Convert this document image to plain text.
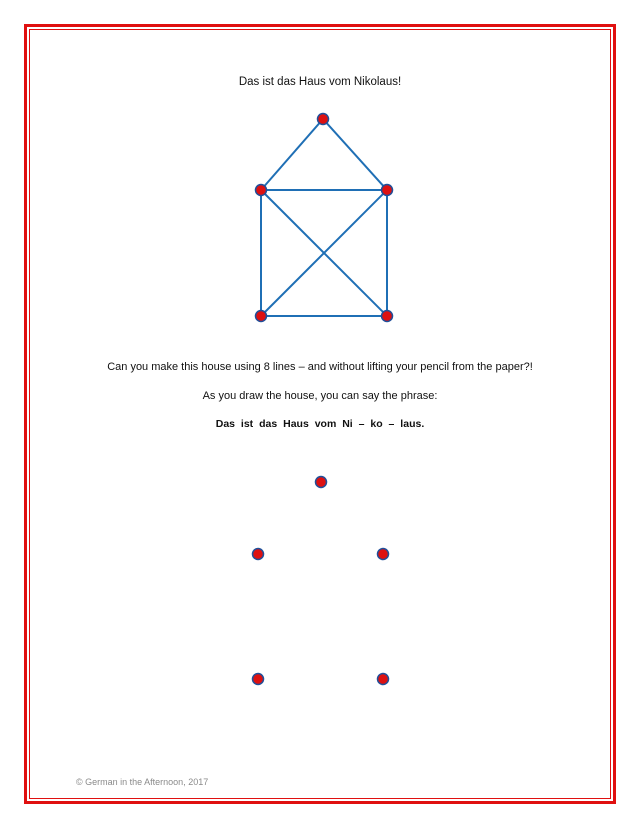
Das ist das Haus vom Nikolaus!
Can you make this house using 8 lines – and without lifting your pencil from the paper?!
As you draw the house, you can say the phrase:
Das ist das Haus vom Ni – ko – laus.
© German in the Afternoon, 2017
